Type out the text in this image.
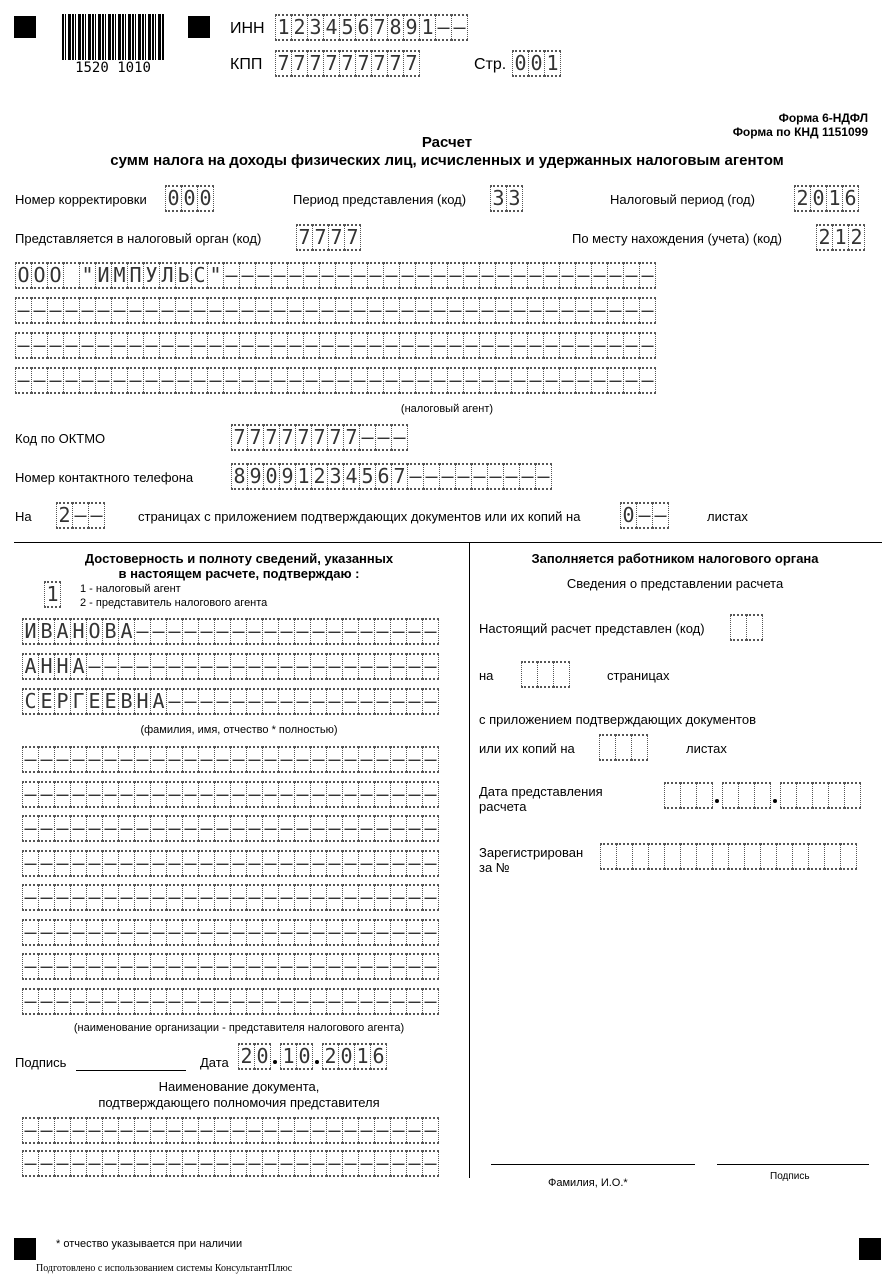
1520 1010
ИНН 1 2 3 4 5 6 7 8 9 1 – –
КПП 7 7 7 7 7 7 7 7 7	Стр. 0 0 1
Форма 6-НДФЛ
Форма по КНД 1151099
Расчет
сумм налога на доходы физических лиц, исчисленных и удержанных налоговым агентом
Номер корректировки 0 0 0	Период представления (код) 3 3	Налоговый период (год) 2 0 1 6
Представляется в налоговый орган (код) 7 7 7 7	По месту нахождения (учета) (код) 2 1 2
О О О " И М П У Л Ь С " – – – – – – – – – – – – – – – – – – – – – – – – – – –
– – – – – – – – – – – – – – – – – – – – – – – – – – – – – – – – – – – – – – – –
– – – – – – – – – – – – – – – – – – – – – – – – – – – – – – – – – – – – – – – –
– – – – – – – – – – – – – – – – – – – – – – – – – – – – – – – – – – – – – – – –
(налоговый агент)
Код по ОКТМО	7 7 7 7 7 7 7 7 – – –
Номер контактного телефона 8 9 0 9 1 2 3 4 5 6 7 – – – – – – – – –
На 2 – –	страницах с приложением подтверждающих документов или их копий на 0 – –	листах
Достоверность и полноту сведений, указанных
в настоящем расчете, подтверждаю :
1 1 - налоговый агент
2 - представитель налогового агента
И В А Н О В А – – – – – – – – – – – – – – – – – – –
А Н Н А – – – – – – – – – – – – – – – – – – – – – –
С Е Р Г Е Е В Н А – – – – – – – – – – – – – – – – –
(фамилия, имя, отчество * полностью)
– – – – – – – – – – – – – – – – – – – – – – – – – –
– – – – – – – – – – – – – – – – – – – – – – – – – –
– – – – – – – – – – – – – – – – – – – – – – – – – –
– – – – – – – – – – – – – – – – – – – – – – – – – –
– – – – – – – – – – – – – – – – – – – – – – – – – –
– – – – – – – – – – – – – – – – – – – – – – – – – –
– – – – – – – – – – – – – – – – – – – – – – – – – –
– – – – – – – – – – – – – – – – – – – – – – – – – –
(наименование организации - представителя налогового агента)
Подпись	Дата 2 0 1 0 2 0 1 6
Наименование документа,
подтверждающего полномочия представителя
– – – – – – – – – – – – – – – – – – – – – – – – – –
– – – – – – – – – – – – – – – – – – – – – – – – – –
Заполняется работником налогового органа
Сведения о представлении расчета
Настоящий расчет представлен (код)
на	страницах
с приложением подтверждающих документов
или их копий на	листах
Дата представления
расчета
Зарегистрирован
за №
Фамилия, И.О.*
Подпись
* отчество указывается при наличии
Подготовлено с использованием системы КонсультантПлюс
